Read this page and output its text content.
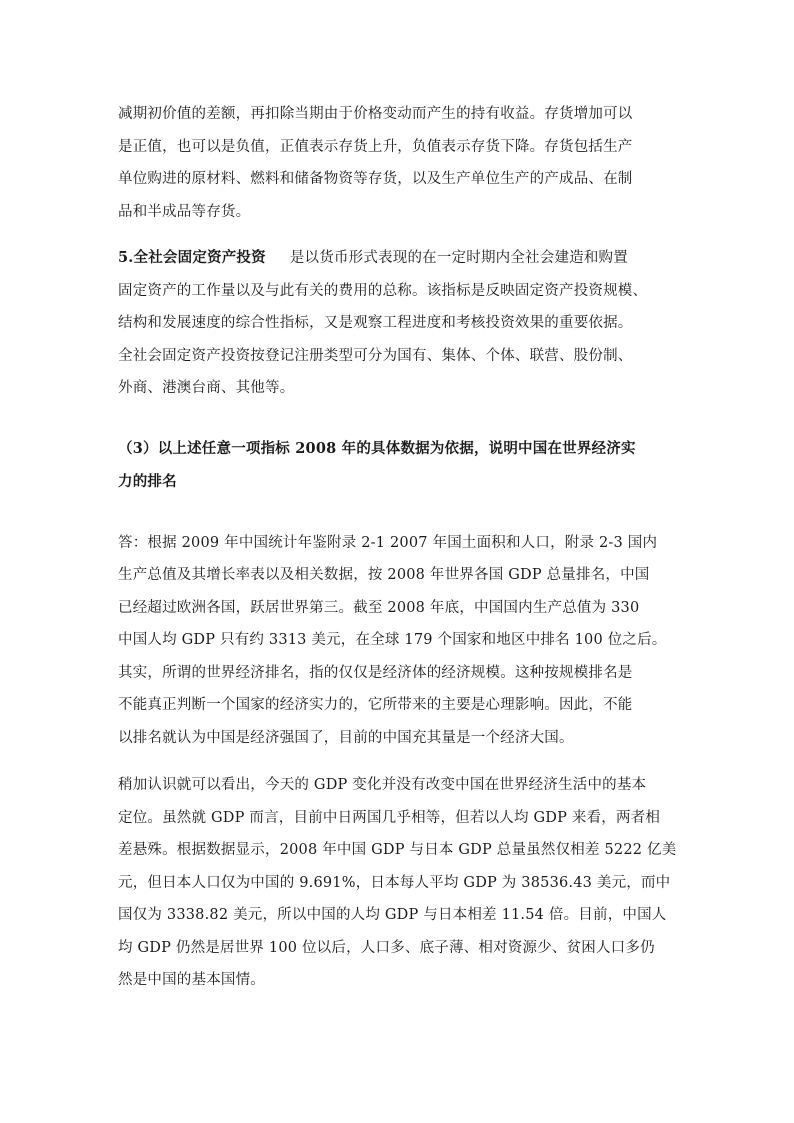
减期初价值的差额，再扣除当期由于价格变动而产生的持有收益。存货增加可以
是正值，也可以是负值，正值表示存货上升，负值表示存货下降。存货包括生产
单位购进的原材料、燃料和储备物资等存货，以及生产单位生产的产成品、在制
品和半成品等存货。

5.全社会固定资产投资 是以货币形式表现的在一定时期内全社会建造和购置
固定资产的工作量以及与此有关的费用的总称。该指标是反映固定资产投资规模、
结构和发展速度的综合性指标，又是观察工程进度和考核投资效果的重要依据。
全社会固定资产投资按登记注册类型可分为国有、集体、个体、联营、股份制、
外商、港澳台商、其他等。

（3）以上述任意一项指标 2008 年的具体数据为依据，说明中国在世界经济实
力的排名

答：根据 2009 年中国统计年鉴附录 2-1 2007 年国土面积和人口，附录 2-3 国内
生产总值及其增长率表以及相关数据，按 2008 年世界各国 GDP 总量排名，中国
已经超过欧洲各国，跃居世界第三。截至 2008 年底，中国国内生产总值为 330
中国人均 GDP 只有约 3313 美元，在全球 179 个国家和地区中排名 100 位之后。
其实，所谓的世界经济排名，指的仅仅是经济体的经济规模。这种按规模排名是
不能真正判断一个国家的经济实力的，它所带来的主要是心理影响。因此，不能
以排名就认为中国是经济强国了，目前的中国充其量是一个经济大国。

稍加认识就可以看出，今天的 GDP 变化并没有改变中国在世界经济生活中的基本
定位。虽然就 GDP 而言，目前中日两国几乎相等，但若以人均 GDP 来看，两者相
差悬殊。根据数据显示，2008 年中国 GDP 与日本 GDP 总量虽然仅相差 5222 亿美
元，但日本人口仅为中国的 9.691%，日本每人平均 GDP 为 38536.43 美元，而中
国仅为 3338.82 美元，所以中国的人均 GDP 与日本相差 11.54 倍。目前，中国人
均 GDP 仍然是居世界 100 位以后，人口多、底子薄、相对资源少、贫困人口多仍
然是中国的基本国情。
